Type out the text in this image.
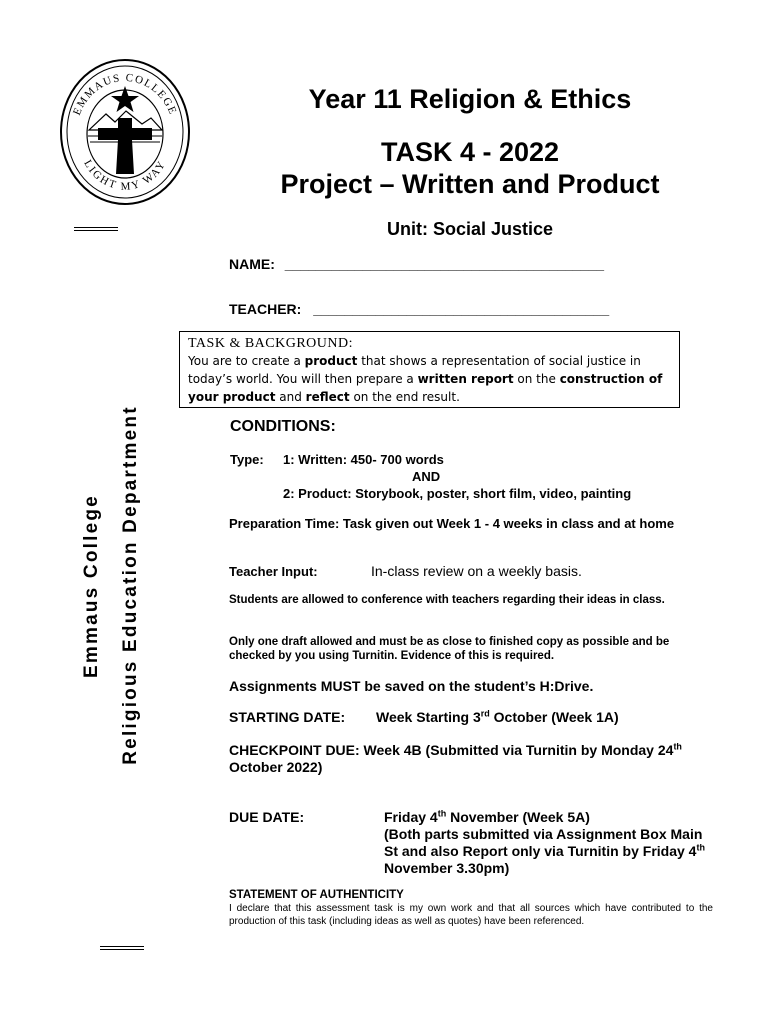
EMMAUS COLLEGE
LIGHT MY WAY
Emmaus College Religious Education Department
Year 11 Religion & Ethics
TASK 4 - 2022
Project – Written and Product
Unit: Social Justice
NAME: _________________________________________
TEACHER: ______________________________________
TASK & BACKGROUND:
You are to create a product that shows a representation of social justice in today’s world. You will then prepare a written report on the construction of your product and reflect on the end result.
CONDITIONS:
Type: 1: Written: 450- 700 words
AND
2: Product: Storybook, poster, short film, video, painting
Preparation Time: Task given out Week 1 - 4 weeks in class and at home
Teacher Input:	In-class review on a weekly basis.
Students are allowed to conference with teachers regarding their ideas in class.
Only one draft allowed and must be as close to finished copy as possible and be checked by you using Turnitin. Evidence of this is required.
Assignments MUST be saved on the student’s H:Drive.
STARTING DATE: Week Starting 3rd October (Week 1A)
CHECKPOINT DUE: Week 4B (Submitted via Turnitin by Monday 24th October 2022)
DUE DATE:	Friday 4th November (Week 5A)
(Both parts submitted via Assignment Box Main St and also Report only via Turnitin by Friday 4th November 3.30pm)
STATEMENT OF AUTHENTICITY
I declare that this assessment task is my own work and that all sources which have contributed to the production of this task (including ideas as well as quotes) have been referenced.
